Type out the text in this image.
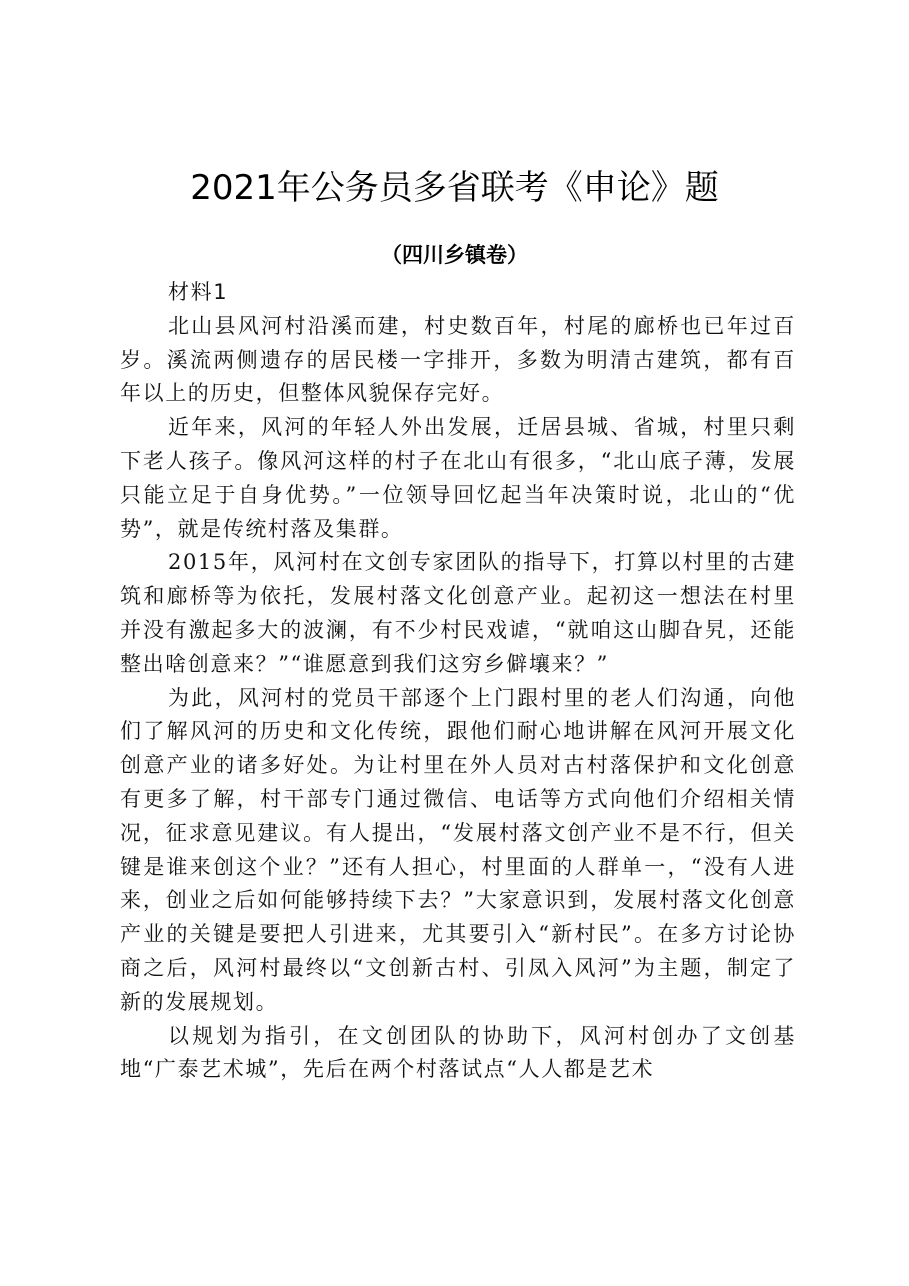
2021年公务员多省联考《申论》题
（四川乡镇卷）

材料1

北山县风河村沿溪而建，村史数百年，村尾的廊桥也已年过百岁。溪流两侧遗存的居民楼一字排开，多数为明清古建筑，都有百年以上的历史，但整体风貌保存完好。

近年来，风河的年轻人外出发展，迁居县城、省城，村里只剩下老人孩子。像风河这样的村子在北山有很多，“北山底子薄，发展只能立足于自身优势。”一位领导回忆起当年决策时说，北山的“优势”，就是传统村落及集群。

2015年，风河村在文创专家团队的指导下，打算以村里的古建筑和廊桥等为依托，发展村落文化创意产业。起初这一想法在村里并没有激起多大的波澜，有不少村民戏谑，“就咱这山脚旮旯，还能整出啥创意来？”“谁愿意到我们这穷乡僻壤来？”

为此，风河村的党员干部逐个上门跟村里的老人们沟通，向他们了解风河的历史和文化传统，跟他们耐心地讲解在风河开展文化创意产业的诸多好处。为让村里在外人员对古村落保护和文化创意有更多了解，村干部专门通过微信、电话等方式向他们介绍相关情况，征求意见建议。有人提出，“发展村落文创产业不是不行，但关键是谁来创这个业？”还有人担心，村里面的人群单一，“没有人进来，创业之后如何能够持续下去？”大家意识到，发展村落文化创意产业的关键是要把人引进来，尤其要引入“新村民”。在多方讨论协商之后，风河村最终以“文创新古村、引凤入风河”为主题，制定了新的发展规划。

以规划为指引，在文创团队的协助下，风河村创办了文创基地“广泰艺术城”，先后在两个村落试点“人人都是艺术
